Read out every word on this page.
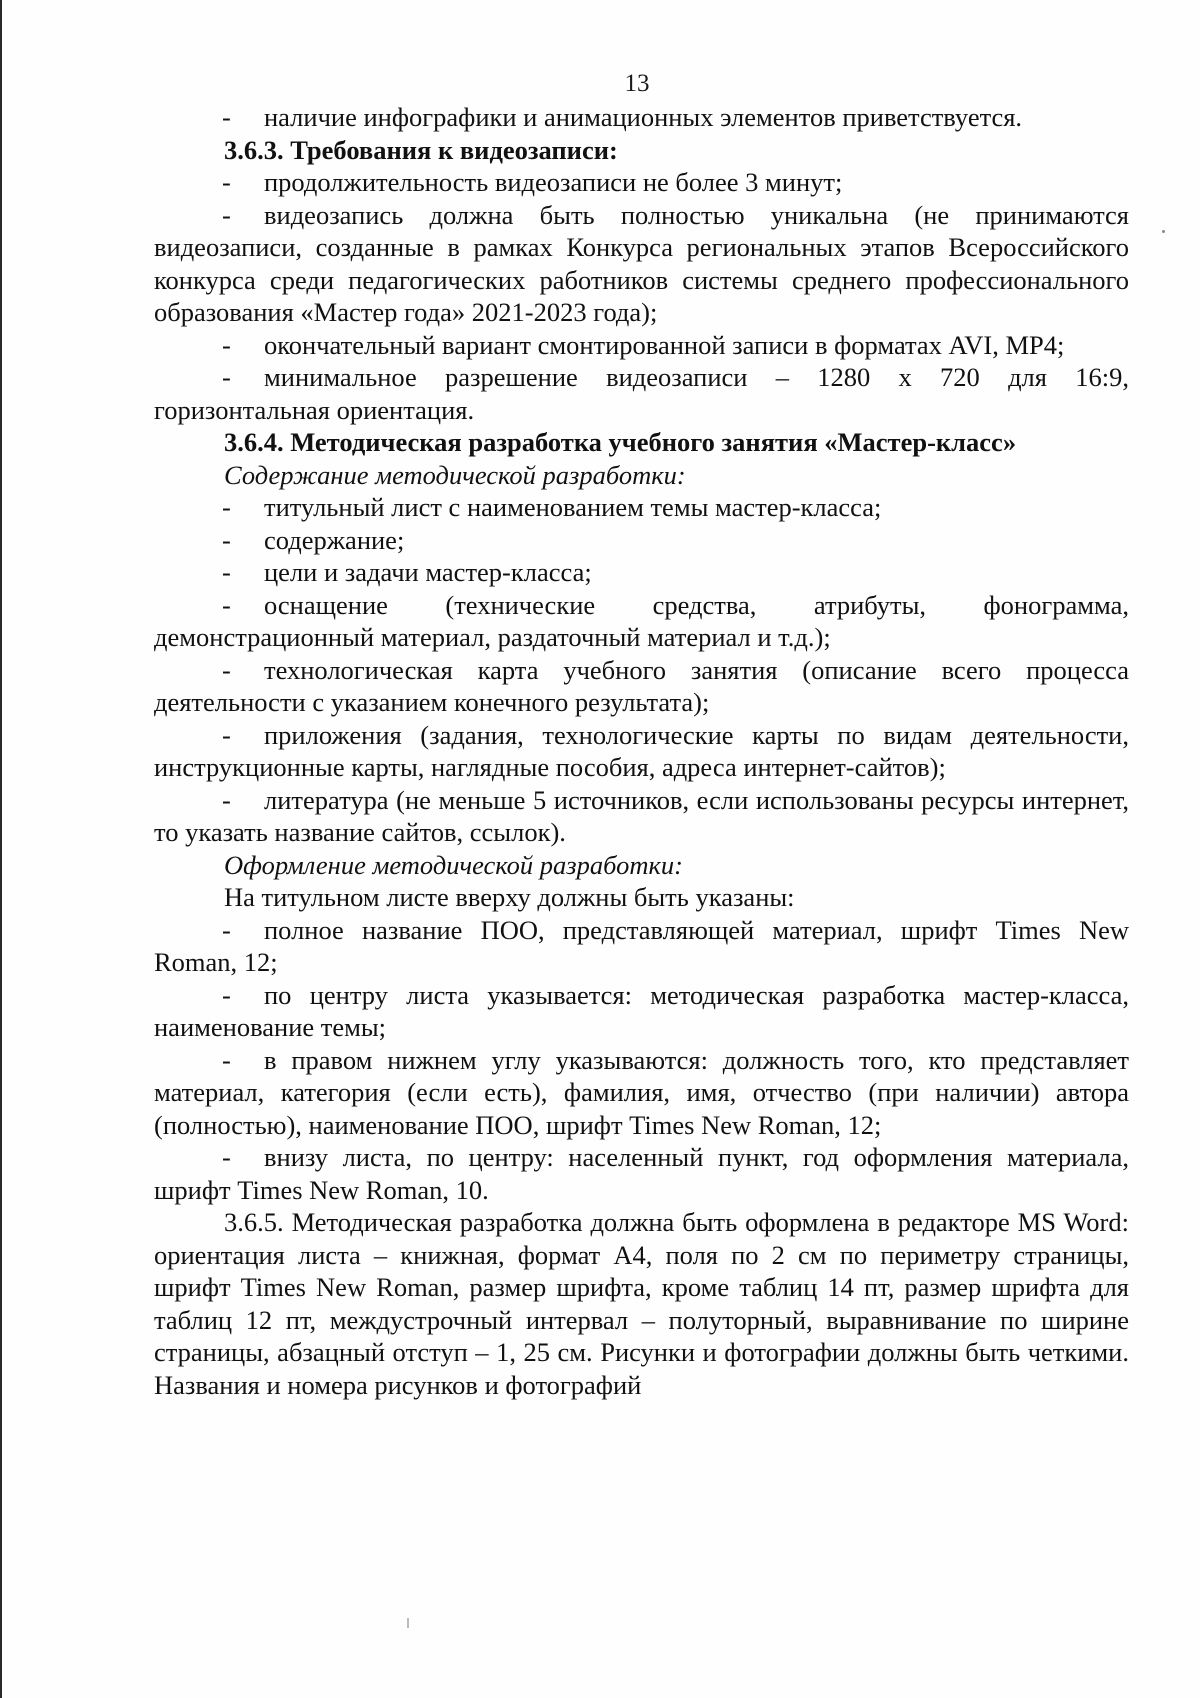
13

- наличие инфографики и анимационных элементов приветствуется.

3.6.3. Требования к видеозаписи:

- продолжительность видеозаписи не более 3 минут;

- видеозапись должна быть полностью уникальна (не принимаются видеозаписи, созданные в рамках Конкурса региональных этапов Всероссийского конкурса среди педагогических работников системы среднего профессионального образования «Мастер года» 2021-2023 года);

- окончательный вариант смонтированной записи в форматах AVI, MP4;

- минимальное разрешение видеозаписи – 1280 х 720 для 16:9, горизонтальная ориентация.

3.6.4. Методическая разработка учебного занятия «Мастер-класс»

Содержание методической разработки:

- титульный лист с наименованием темы мастер-класса;

- содержание;

- цели и задачи мастер-класса;

- оснащение (технические средства, атрибуты, фонограмма, демонстрационный материал, раздаточный материал и т.д.);

- технологическая карта учебного занятия (описание всего процесса деятельности с указанием конечного результата);

- приложения (задания, технологические карты по видам деятельности, инструкционные карты, наглядные пособия, адреса интернет-сайтов);

- литература (не меньше 5 источников, если использованы ресурсы интернет, то указать название сайтов, ссылок).

Оформление методической разработки:

На титульном листе вверху должны быть указаны:

- полное название ПОО, представляющей материал, шрифт Times New Roman, 12;

- по центру листа указывается: методическая разработка мастер-класса, наименование темы;

- в правом нижнем углу указываются: должность того, кто представляет материал, категория (если есть), фамилия, имя, отчество (при наличии) автора (полностью), наименование ПОО, шрифт Times New Roman, 12;

- внизу листа, по центру: населенный пункт, год оформления материала, шрифт Times New Roman, 10.

3.6.5. Методическая разработка должна быть оформлена в редакторе MS Word: ориентация листа – книжная, формат А4, поля по 2 см по периметру страницы, шрифт Times New Roman, размер шрифта, кроме таблиц 14 пт, размер шрифта для таблиц 12 пт, междустрочный интервал – полуторный, выравнивание по ширине страницы, абзацный отступ – 1, 25 см. Рисунки и фотографии должны быть четкими. Названия и номера рисунков и фотографий
